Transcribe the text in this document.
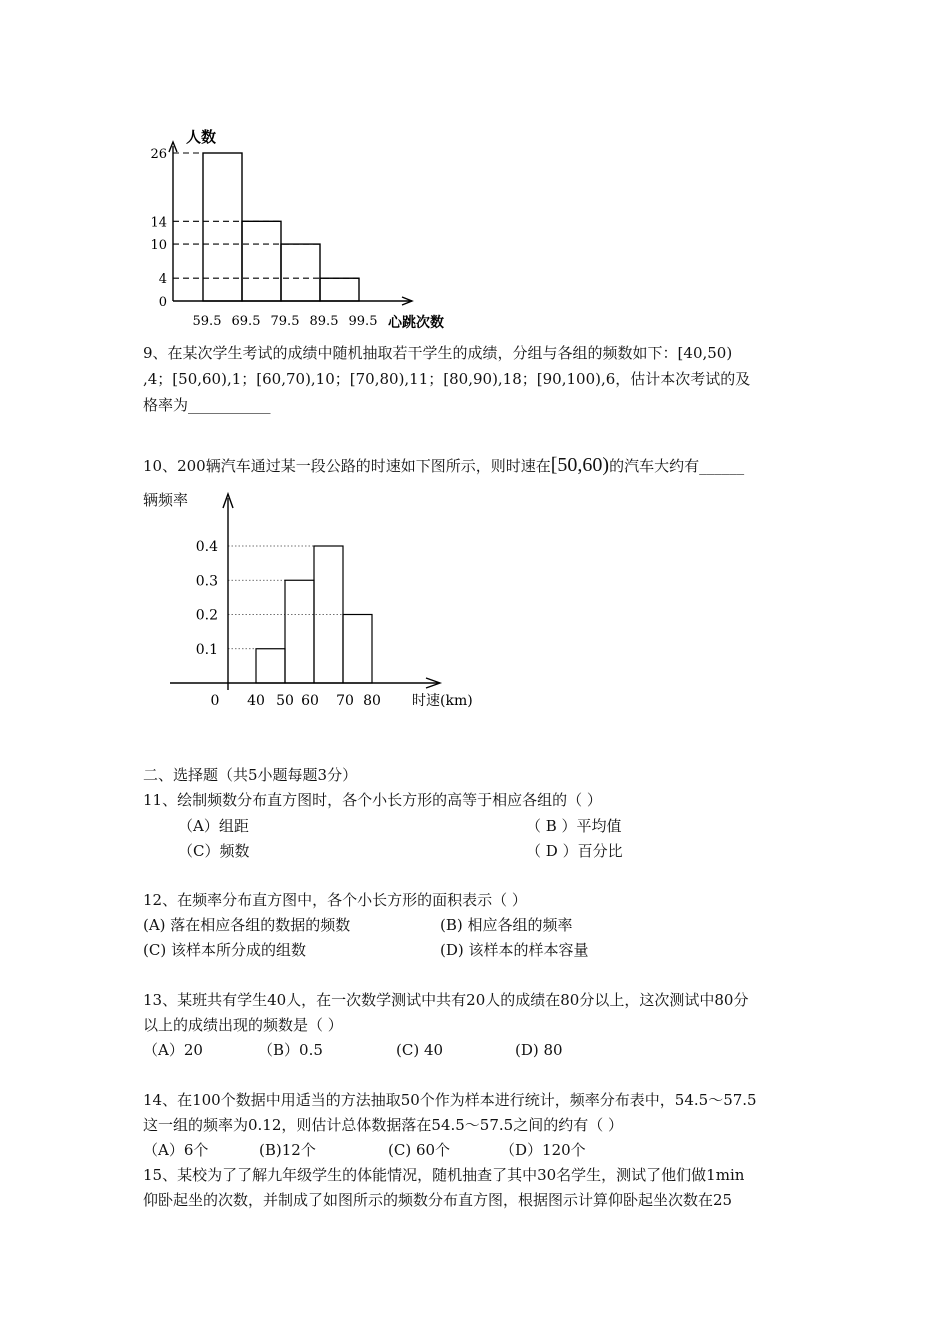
人数
心跳次数
0
4
10
14
26
59.5 69.5 79.5 89.5 99.5
9、在某次学生考试的成绩中随机抽取若干学生的成绩，分组与各组的频数如下：[40,50)
,4；[50,60),1；[60,70),10；[70,80),11；[80,90),18；[90,100),6，估计本次考试的及
格率为___________
10、200辆汽车通过某一段公路的时速如下图所示，则时速在[50,60)的汽车大约有______
辆频率
0.1
0.2
0.3
0.4
0 40 50 60 70 80 时速(km)
二、选择题（共5小题每题3分）
11、绘制频数分布直方图时，各个小长方形的高等于相应各组的（ ）
（A）组距	（ B ）平均值
（C）频数	（ D ）百分比
12、在频率分布直方图中，各个小长方形的面积表示（ ）
(A) 落在相应各组的数据的频数	(B) 相应各组的频率
(C) 该样本所分成的组数	(D) 该样本的样本容量
13、某班共有学生40人，在一次数学测试中共有20人的成绩在80分以上，这次测试中80分
以上的成绩出现的频数是（ ）
（A）20	（B）0.5	(C) 40	(D) 80
14、在100个数据中用适当的方法抽取50个作为样本进行统计，频率分布表中，54.5～57.5
这一组的频率为0.12，则估计总体数据落在54.5～57.5之间的约有（ ）
（A）6个	(B)12个	(C) 60个	（D）120个
15、某校为了了解九年级学生的体能情况，随机抽查了其中30名学生，测试了他们做1min
仰卧起坐的次数，并制成了如图所示的频数分布直方图，根据图示计算仰卧起坐次数在25
